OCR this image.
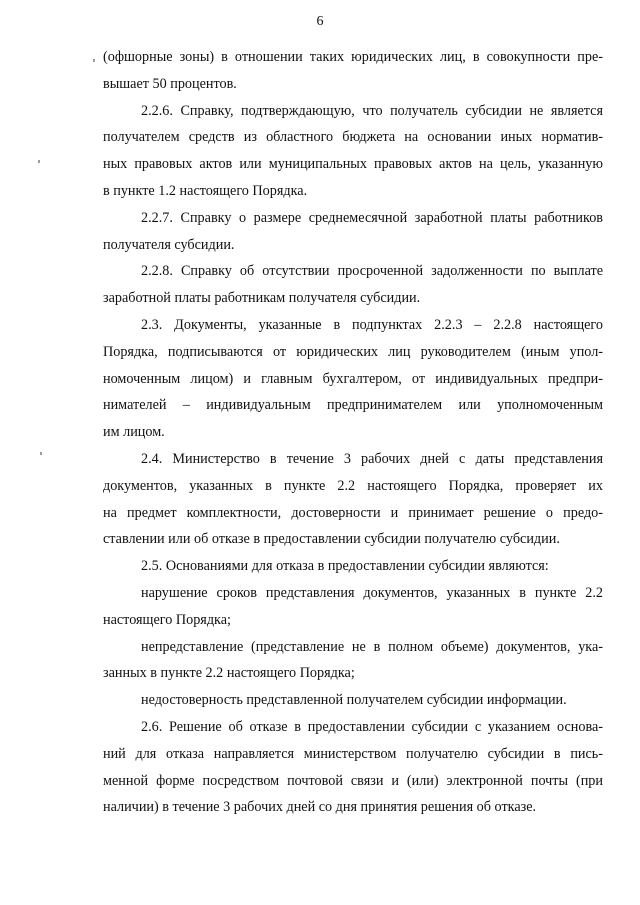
6
(офшорные зоны) в отношении таких юридических лиц, в совокупности пре-
вышает 50 процентов.
2.2.6. Справку, подтверждающую, что получатель субсидии не является
получателем средств из областного бюджета на основании иных норматив-
ных правовых актов или муниципальных правовых актов на цель, указанную
в пункте 1.2 настоящего Порядка.
2.2.7. Справку о размере среднемесячной заработной платы работников
получателя субсидии.
2.2.8. Справку об отсутствии просроченной задолженности по выплате
заработной платы работникам получателя субсидии.
2.3. Документы, указанные в подпунктах 2.2.3 – 2.2.8 настоящего
Порядка, подписываются от юридических лиц руководителем (иным упол-
номоченным лицом) и главным бухгалтером, от индивидуальных предпри-
нимателей – индивидуальным предпринимателем или уполномоченным
им лицом.
2.4. Министерство в течение 3 рабочих дней с даты представления
документов, указанных в пункте 2.2 настоящего Порядка, проверяет их
на предмет комплектности, достоверности и принимает решение о предо-
ставлении или об отказе в предоставлении субсидии получателю субсидии.
2.5. Основаниями для отказа в предоставлении субсидии являются:
нарушение сроков представления документов, указанных в пункте 2.2
настоящего Порядка;
непредставление (представление не в полном объеме) документов, ука-
занных в пункте 2.2 настоящего Порядка;
недостоверность представленной получателем субсидии информации.
2.6. Решение об отказе в предоставлении субсидии с указанием основа-
ний для отказа направляется министерством получателю субсидии в пись-
менной форме посредством почтовой связи и (или) электронной почты (при
наличии) в течение 3 рабочих дней со дня принятия решения об отказе.
